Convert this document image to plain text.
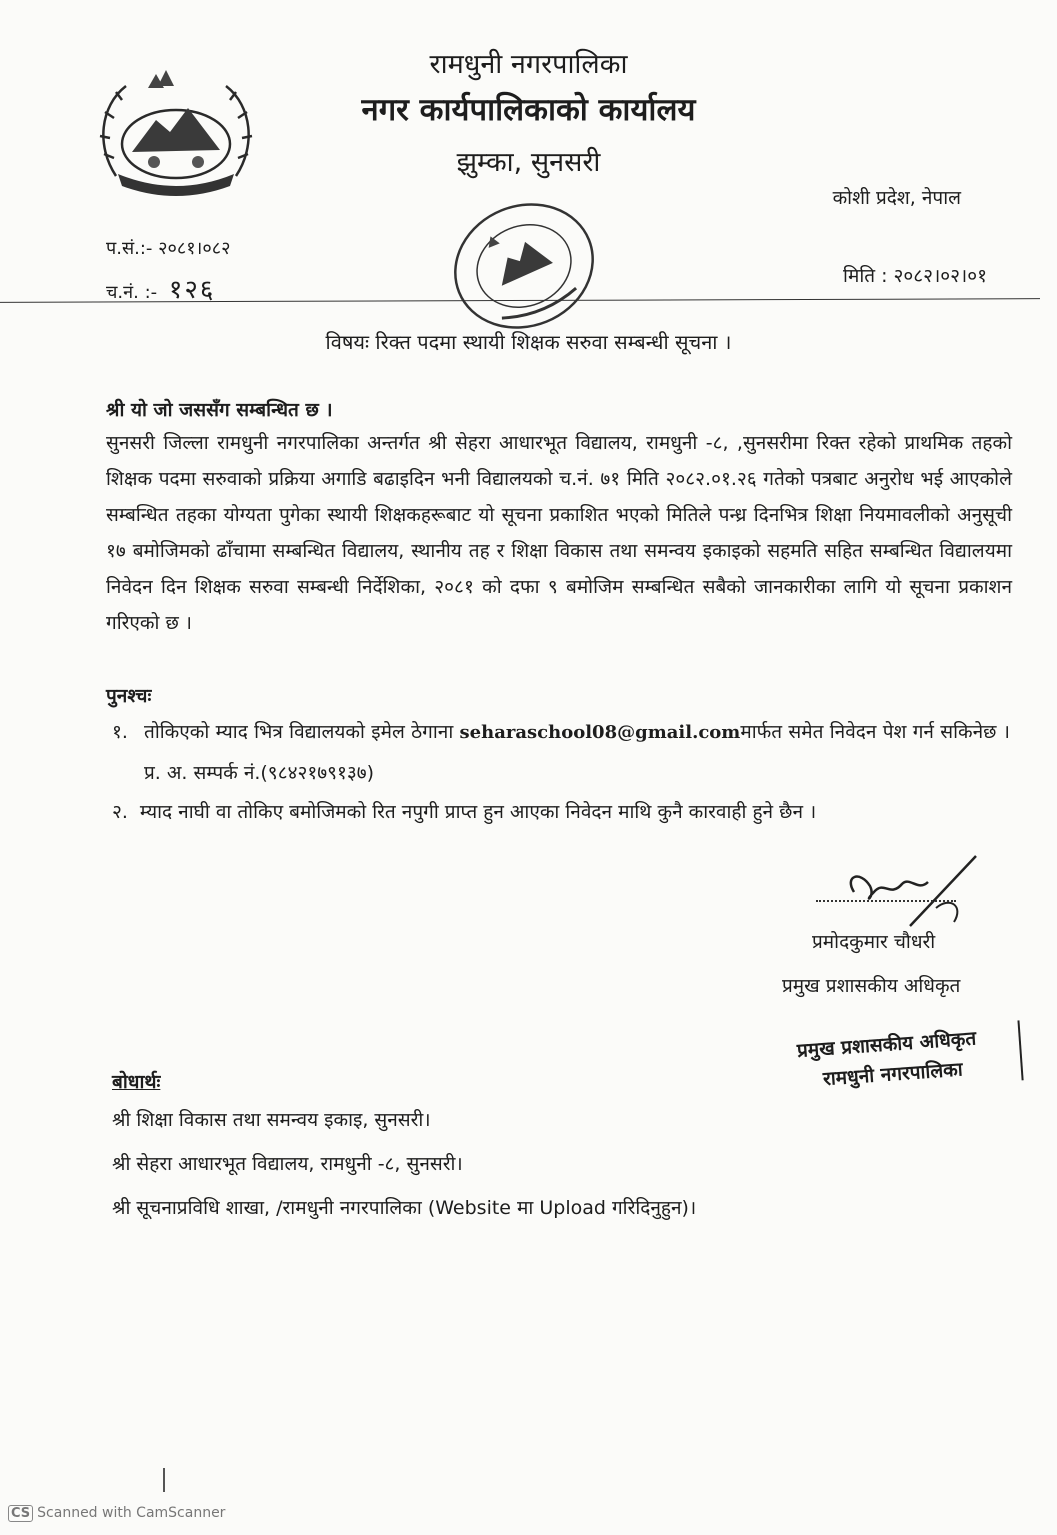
रामधुनी नगरपालिका
नगर कार्यपालिकाको कार्यालय
झुम्का, सुनसरी
कोशी प्रदेश, नेपाल
प.सं.:- २०८१।०८२
च.नं. :- १२६	मिति : २०८२।०२।०१
विषयः रिक्त पदमा स्थायी शिक्षक सरुवा सम्बन्धी सूचना ।
श्री यो जो जससँग सम्बन्धित छ ।

सुनसरी जिल्ला रामधुनी नगरपालिका अन्तर्गत श्री सेहरा आधारभूत विद्यालय, रामधुनी -८, ,सुनसरीमा रिक्त रहेको प्राथमिक तहको शिक्षक पदमा सरुवाको प्रक्रिया अगाडि बढाइदिन भनी विद्यालयको च.नं. ७१ मिति २०८२.०१.२६ गतेको पत्रबाट अनुरोध भई आएकोले सम्बन्धित तहका योग्यता पुगेका स्थायी शिक्षकहरूबाट यो सूचना प्रकाशित भएको मितिले पन्ध्र दिनभित्र शिक्षा नियमावलीको अनुसूची १७ बमोजिमको ढाँचामा सम्बन्धित विद्यालय, स्थानीय तह र शिक्षा विकास तथा समन्वय इकाइको सहमति सहित सम्बन्धित विद्यालयमा निवेदन दिन शिक्षक सरुवा सम्बन्धी निर्देशिका, २०८१ को दफा ९ बमोजिम सम्बन्धित सबैको जानकारीका लागि यो सूचना प्रकाशन गरिएको छ ।

पुनश्चः
१. तोकिएको म्याद भित्र विद्यालयको इमेल ठेगाना seharaschool08@gmail.comमार्फत समेत निवेदन पेश गर्न सकिनेछ । प्र. अ. सम्पर्क नं.(९८४२१७९१३७)
२. म्याद नाघी वा तोकिए बमोजिमको रित नपुगी प्राप्त हुन आएका निवेदन माथि कुनै कारवाही हुने छैन ।
प्रमोदकुमार चौधरी
प्रमुख प्रशासकीय अधिकृत
प्रमुख प्रशासकीय अधिकृत
रामधुनी नगरपालिका
बोधार्थः
श्री शिक्षा विकास तथा समन्वय इकाइ, सुनसरी।
श्री सेहरा आधारभूत विद्यालय, रामधुनी -८, सुनसरी।
श्री सूचनाप्रविधि शाखा, /रामधुनी नगरपालिका (Website मा Upload गरिदिनुहुन)।
CS Scanned with CamScanner
